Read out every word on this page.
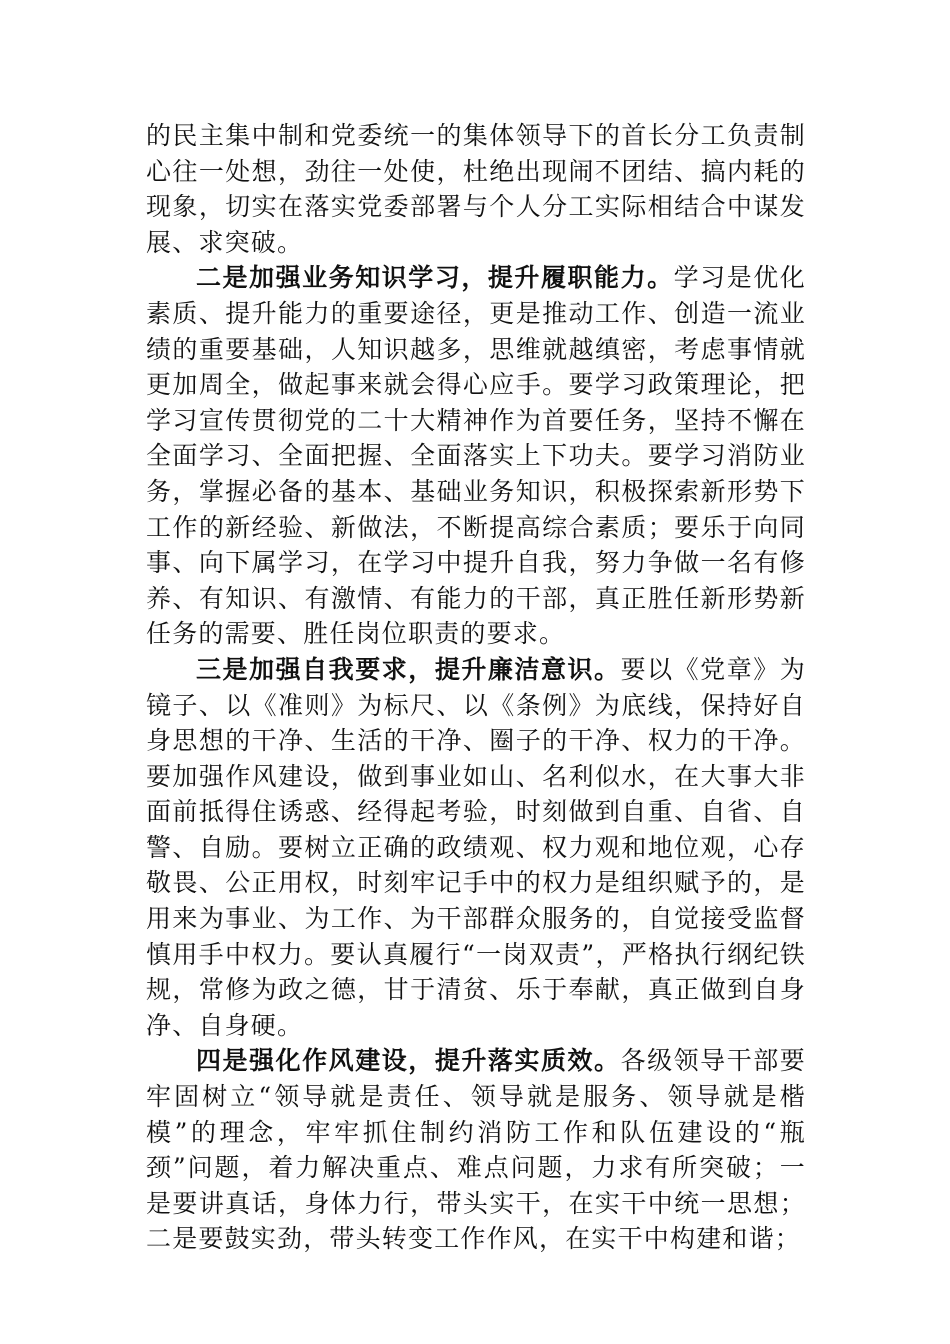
的民主集中制和党委统一的集体领导下的首长分工负责制心往一处想，劲往一处使，杜绝出现闹不团结、搞内耗的现象，切实在落实党委部署与个人分工实际相结合中谋发展、求突破。

二是加强业务知识学习，提升履职能力。学习是优化素质、提升能力的重要途径，更是推动工作、创造一流业绩的重要基础，人知识越多，思维就越缜密，考虑事情就更加周全，做起事来就会得心应手。要学习政策理论，把学习宣传贯彻党的二十大精神作为首要任务，坚持不懈在全面学习、全面把握、全面落实上下功夫。要学习消防业务，掌握必备的基本、基础业务知识，积极探索新形势下工作的新经验、新做法，不断提高综合素质；要乐于向同事、向下属学习，在学习中提升自我，努力争做一名有修养、有知识、有激情、有能力的干部，真正胜任新形势新任务的需要、胜任岗位职责的要求。

三是加强自我要求，提升廉洁意识。要以《党章》为镜子、以《准则》为标尺、以《条例》为底线，保持好自身思想的干净、生活的干净、圈子的干净、权力的干净。要加强作风建设，做到事业如山、名利似水，在大事大非面前抵得住诱惑、经得起考验，时刻做到自重、自省、自警、自励。要树立正确的政绩观、权力观和地位观，心存敬畏、公正用权，时刻牢记手中的权力是组织赋予的，是用来为事业、为工作、为干部群众服务的，自觉接受监督慎用手中权力。要认真履行“一岗双责”，严格执行纲纪铁规，常修为政之德，甘于清贫、乐于奉献，真正做到自身净、自身硬。

四是强化作风建设，提升落实质效。各级领导干部要牢固树立“领导就是责任、领导就是服务、领导就是楷模”的理念，牢牢抓住制约消防工作和队伍建设的“瓶颈”问题，着力解决重点、难点问题，力求有所突破；一是要讲真话，身体力行，带头实干，在实干中统一思想；二是要鼓实劲，带头转变工作作风，在实干中构建和谐；
